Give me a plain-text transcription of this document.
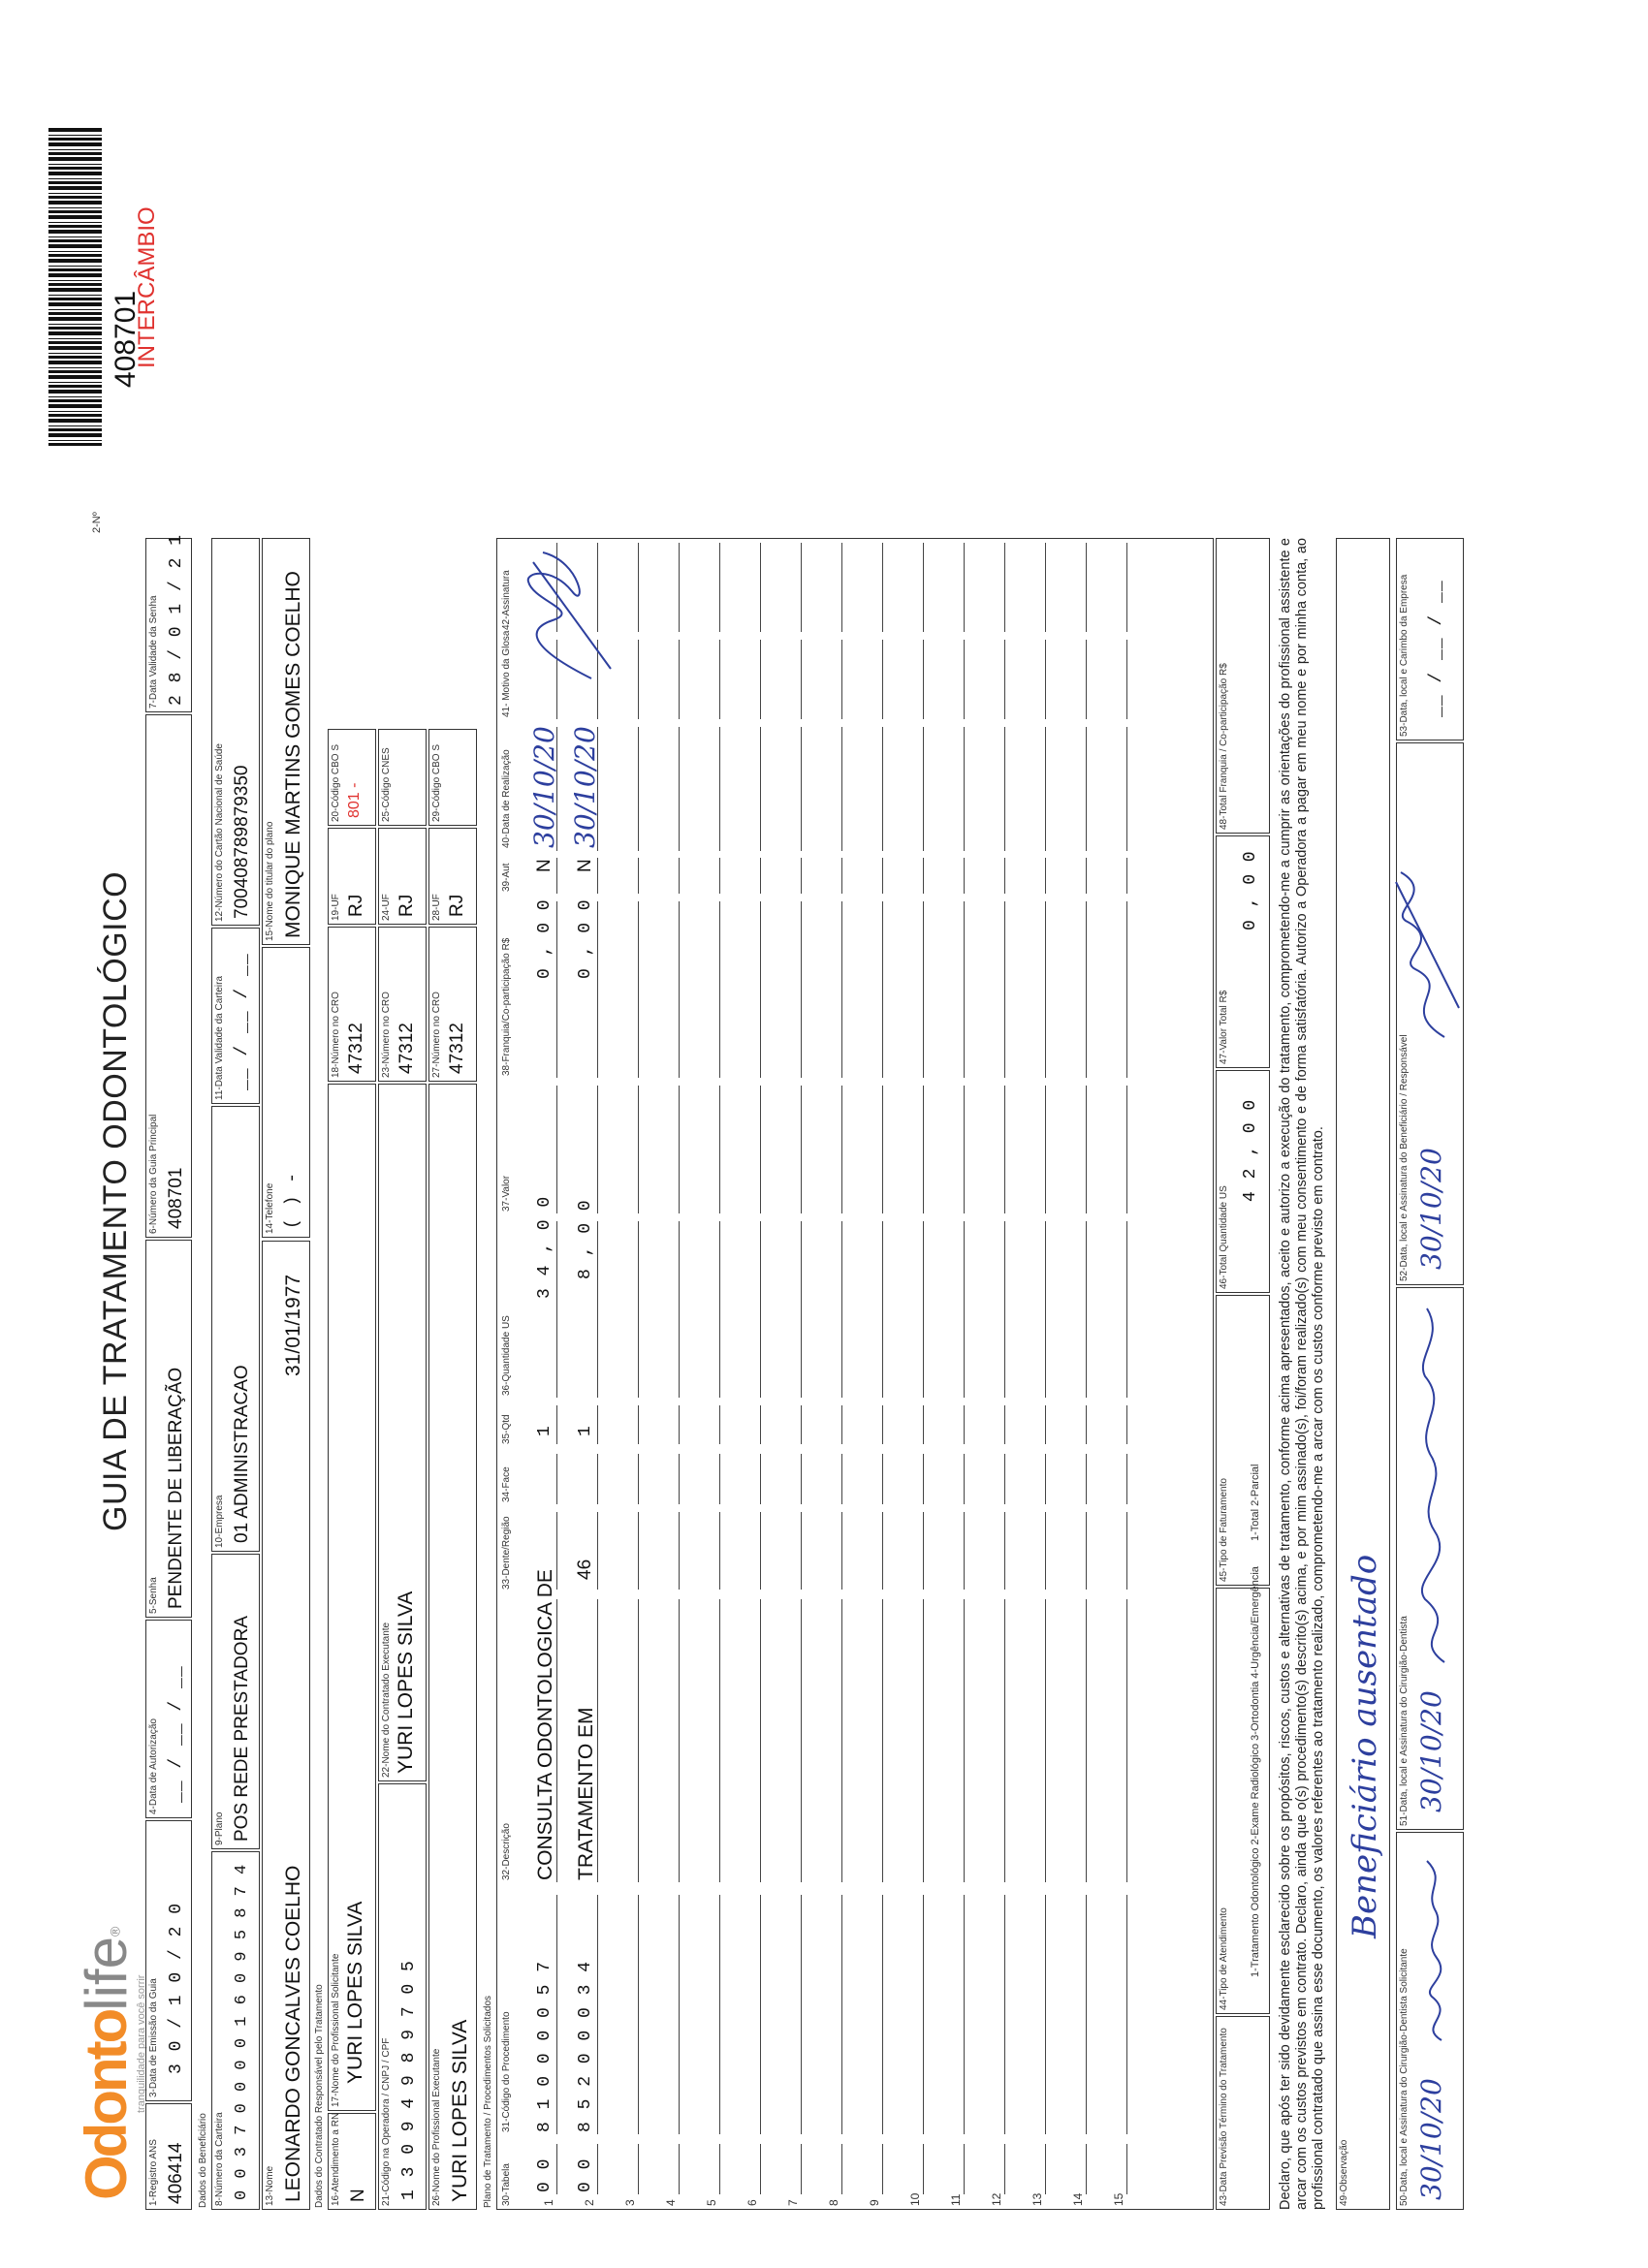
Odontolife®
tranquilidade para você sorrir
GUIA DE TRATAMENTO ODONTOLÓGICO
2-Nº
408701
INTERCÂMBIO
1-Registro ANS 406414
3-Data de Emissão da Guia 3 0 / 1 0 / 2 0
4-Data de Autorização __ / __ / __
5-Senha PENDENTE DE LIBERAÇÃO
6-Número da Guia Principal 408701
7-Data Validade da Senha 2 8 / 0 1 / 2 1
Dados do Beneficiário 8-Número da Carteira 0 0 3 7 0 0 0 0 1 6 0 9 5 8 7 4
9-Plano POS REDE PRESTADORA
10-Empresa 01 ADMINISTRACAO
11-Data Validade da Carteira __ / __ / __
12-Número do Cartão Nacional de Saúde 700408789879350
13-Nome LEONARDO GONCALVES COELHO
31/01/1977
14-Telefone ( ) -
15-Nome do titular do plano MONIQUE MARTINS GOMES COELHO
Dados do Contratado Responsável pelo Tratamento 16-Atendimento a RN N
17-Nome do Profissional Solicitante YURI LOPES SILVA
18-Número no CRO 47312
19-UF RJ
20-Código CBO S 801 -
21-Código na Operadora / CNPJ / CPF 1 3 0 9 4 9 8 9 7 0 5
22-Nome do Contratado Executante YURI LOPES SILVA
23-Número no CRO 47312
24-UF RJ
25-Código CNES
26-Nome do Profissional Executante YURI LOPES SILVA
27-Número no CRO 47312
28-UF RJ
29-Código CBO S
Plano de Tratamento / Procedimentos Solicitados 30-Tabela
31-Código do Procedimento
32-Descrição
33-Dente/Região
34-Face
35-Qtd
36-Quantidade US
37-Valor
38-Franquia/Co-participação R$
39-Aut
40-Data de Realização
41- Motivo da Glosa
42-Assinatura
1
0 0
8 1 0 0 0 0 5 7
CONSULTA ODONTOLOGICA DE
1
3 4 , 0 0
0 , 0 0
N
30/10/20
2
0 0
8 5 2 0 0 0 3 4
TRATAMENTO EM
46
1
8 , 0 0
0 , 0 0
N
30/10/20
3 4 5 6 7 8 9 10 11 12 13 14 15	43-Data Previsão Término do Tratamento
44-Tipo de Atendimento 1-Tratamento Odontológico 2-Exame Radiológico 3-Ortodontia 4-Urgência/Emergência
45-Tipo de Faturamento 1-Total 2-Parcial
46-Total Quantidade US
4 2 , 0 0
47-Valor Total R$
0 , 0 0
48-Total Franquia / Co-participação R$	Declaro, que após ter sido devidamente esclarecido sobre os propósitos, riscos, custos e alternativas de tratamento, conforme acima apresentados, aceito e autorizo a execução do tratamento, comprometendo-me a cumprir as orientações do profissional assistente e arcar com os custos previstos em contrato. Declaro, ainda que o(s) procedimento(s) descrito(s) acima, e por mim assinado(s), foi/foram realizado(s) com meu consentimento e de forma satisfatória. Autorizo a Operadora a pagar em meu nome e por minha conta, ao profissional contratado que assina esse documento, os valores referentes ao tratamento realizado, comprometendo-me a arcar com os custos conforme previsto em contrato. 49-Observação
Beneficiário ausentado
50-Data, local e Assinatura do Cirurgião-Dentista Solicitante 30/10/20
51-Data, local e Assinatura do Cirurgião-Dentista 30/10/20
52-Data, local e Assinatura do Beneficiário / Responsável 30/10/20
53-Data, local e Carimbo da Empresa __ / __ / __
